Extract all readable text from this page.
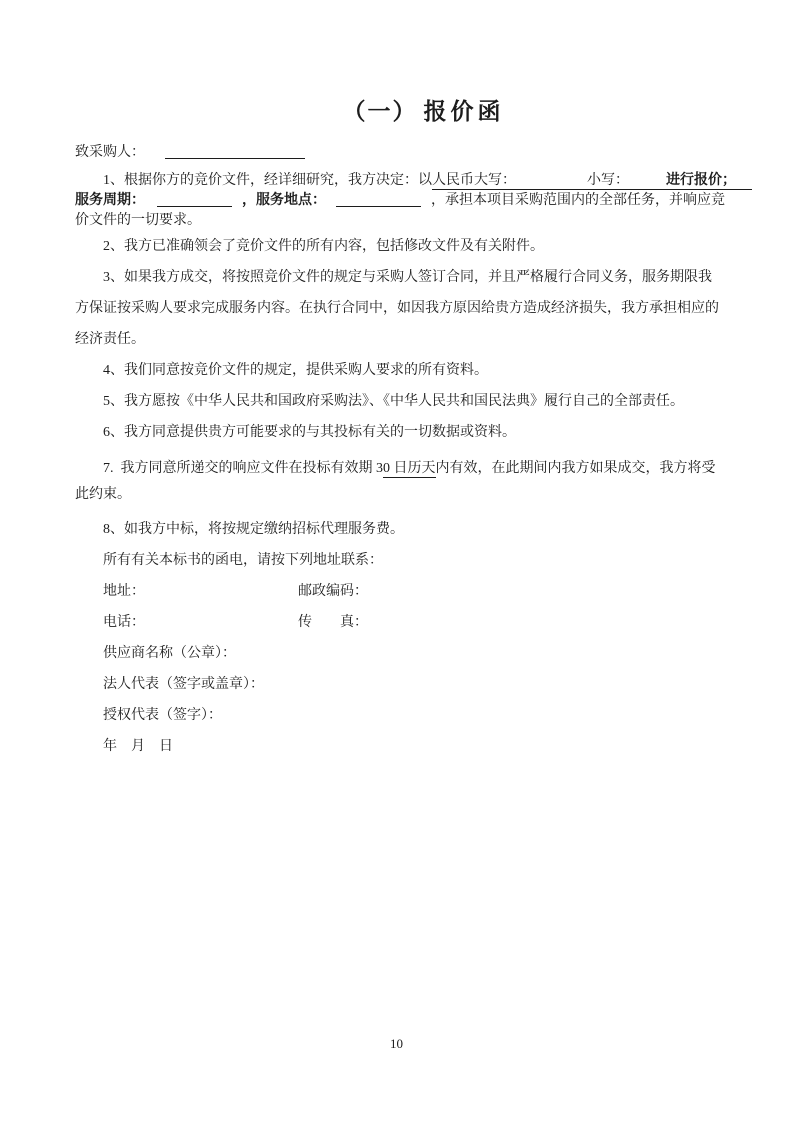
（一） 报价函
致采购人：
1、根据你方的竞价文件，经详细研究，我方决定：以人民币大写：	小写：	进行报价；
服务周期：	，服务地点：	，承担本项目采购范围内的全部任务，并响应竞
价文件的一切要求。
2、我方已准确领会了竞价文件的所有内容，包括修改文件及有关附件。
3、如果我方成交，将按照竞价文件的规定与采购人签订合同，并且严格履行合同义务，服务期限我
方保证按采购人要求完成服务内容。在执行合同中，如因我方原因给贵方造成经济损失，我方承担相应的
经济责任。
4、我们同意按竞价文件的规定，提供采购人要求的所有资料。
5、我方愿按《中华人民共和国政府采购法》、《中华人民共和国民法典》履行自己的全部责任。
6、我方同意提供贵方可能要求的与其投标有关的一切数据或资料。
7.  我方同意所递交的响应文件在投标有效期 30 日历天内有效，在此期间内我方如果成交，我方将受
此约束。
8、如我方中标，将按规定缴纳招标代理服务费。
所有有关本标书的函电，请按下列地址联系：
地址：	邮政编码：
电话：	传　　真：
供应商名称（公章）：
法人代表（签字或盖章）：
授权代表（签字）：
年　月　日
10
